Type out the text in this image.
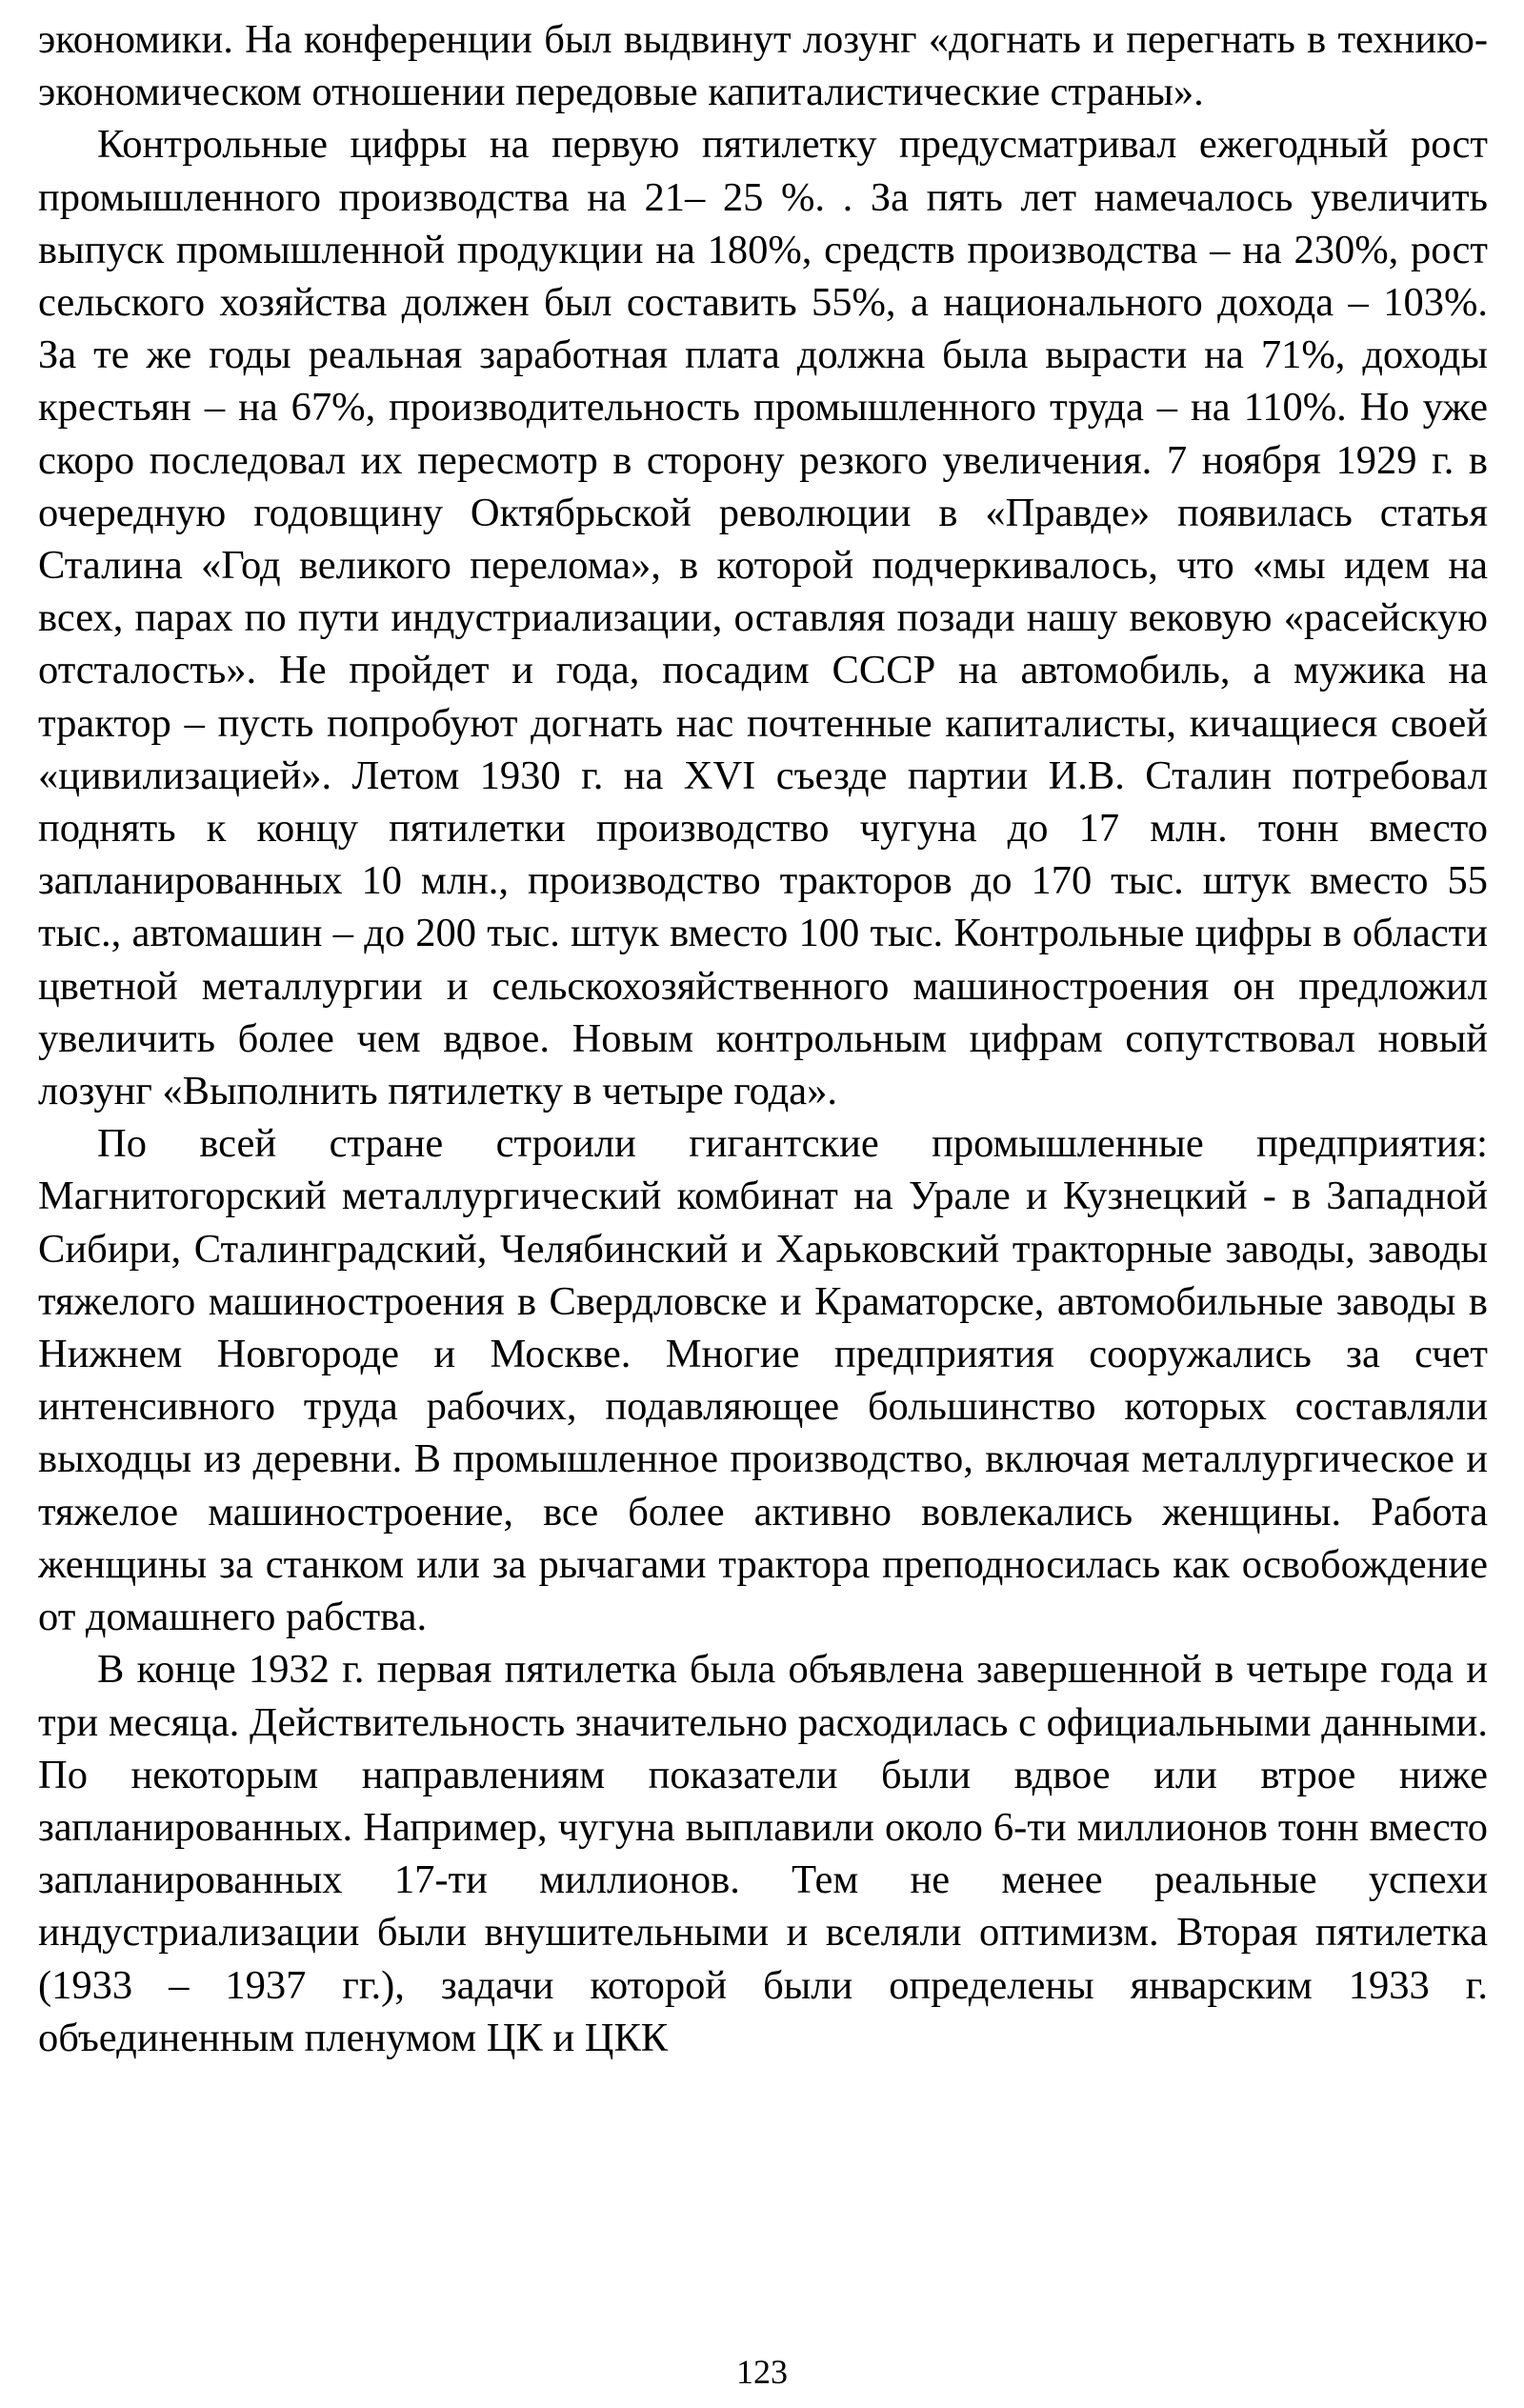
экономики. На конференции был выдвинут лозунг «догнать и перегнать в технико-экономическом отношении передовые капиталистические страны».

Контрольные цифры на первую пятилетку предусматривал ежегодный рост промышленного производства на 21– 25 %. . За пять лет намечалось увеличить выпуск промышленной продукции на 180%, средств производства – на 230%, рост сельского хозяйства должен был составить 55%, а национального дохода – 103%. За те же годы реальная заработная плата должна была вырасти на 71%, доходы крестьян – на 67%, производительность промышленного труда – на 110%. Но уже скоро последовал их пересмотр в сторону резкого увеличения. 7 ноября 1929 г. в очередную годовщину Октябрьской революции в «Правде» появилась статья Сталина «Год великого перелома», в которой подчеркивалось, что «мы идем на всех, парах по пути индустриализации, оставляя позади нашу вековую «расейскую отсталость». Не пройдет и года, посадим СССР на автомобиль, а мужика на трактор – пусть попробуют догнать нас почтенные капиталисты, кичащиеся своей «цивилизацией». Летом 1930 г. на XVI съезде партии И.В. Сталин потребовал поднять к концу пятилетки производство чугуна до 17 млн. тонн вместо запланированных 10 млн., производство тракторов до 170 тыс. штук вместо 55 тыс., автомашин – до 200 тыс. штук вместо 100 тыс. Контрольные цифры в области цветной металлургии и сельскохозяйственного машиностроения он предложил увеличить более чем вдвое. Новым контрольным цифрам сопутствовал новый лозунг «Выполнить пятилетку в четыре года».

По всей стране строили гигантские промышленные предприятия: Магнитогорский металлургический комбинат на Урале и Кузнецкий - в Западной Сибири, Сталинградский, Челябинский и Харьковский тракторные заводы, заводы тяжелого машиностроения в Свердловске и Краматорске, автомобильные заводы в Нижнем Новгороде и Москве. Многие предприятия сооружались за счет интенсивного труда рабочих, подавляющее большинство которых составляли выходцы из деревни. В промышленное производство, включая металлургическое и тяжелое машиностроение, все более активно вовлекались женщины. Работа женщины за станком или за рычагами трактора преподносилась как освобождение от домашнего рабства.

В конце 1932 г. первая пятилетка была объявлена завершенной в четыре года и три месяца. Действительность значительно расходилась с официальными данными. По некоторым направлениям показатели были вдвое или втрое ниже запланированных. Например, чугуна выплавили около 6-ти миллионов тонн вместо запланированных 17-ти миллионов. Тем не менее реальные успехи индустриализации были внушительными и вселяли оптимизм. Вторая пятилетка (1933 – 1937 гг.), задачи которой были определены январским 1933 г. объединенным пленумом ЦК и ЦКК

123
